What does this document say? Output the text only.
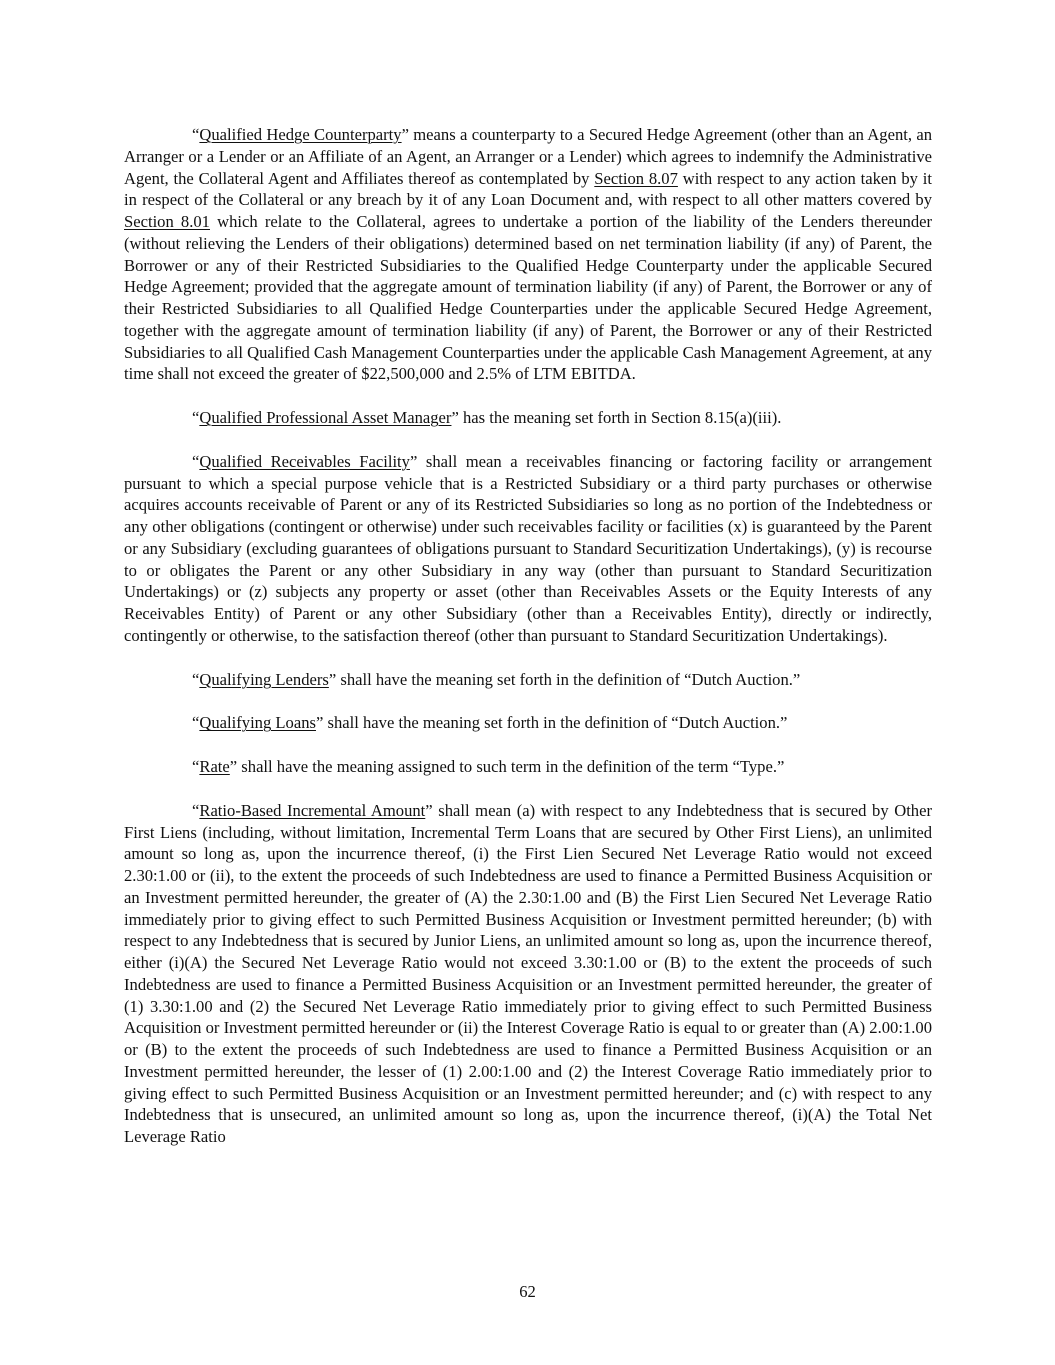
“Qualified Hedge Counterparty” means a counterparty to a Secured Hedge Agreement (other than an Agent, an Arranger or a Lender or an Affiliate of an Agent, an Arranger or a Lender) which agrees to indemnify the Administrative Agent, the Collateral Agent and Affiliates thereof as contemplated by Section 8.07 with respect to any action taken by it in respect of the Collateral or any breach by it of any Loan Document and, with respect to all other matters covered by Section 8.01 which relate to the Collateral, agrees to undertake a portion of the liability of the Lenders thereunder (without relieving the Lenders of their obligations) determined based on net termination liability (if any) of Parent, the Borrower or any of their Restricted Subsidiaries to the Qualified Hedge Counterparty under the applicable Secured Hedge Agreement; provided that the aggregate amount of termination liability (if any) of Parent, the Borrower or any of their Restricted Subsidiaries to all Qualified Hedge Counterparties under the applicable Secured Hedge Agreement, together with the aggregate amount of termination liability (if any) of Parent, the Borrower or any of their Restricted Subsidiaries to all Qualified Cash Management Counterparties under the applicable Cash Management Agreement, at any time shall not exceed the greater of $22,500,000 and 2.5% of LTM EBITDA.

“Qualified Professional Asset Manager” has the meaning set forth in Section 8.15(a)(iii).

“Qualified Receivables Facility” shall mean a receivables financing or factoring facility or arrangement pursuant to which a special purpose vehicle that is a Restricted Subsidiary or a third party purchases or otherwise acquires accounts receivable of Parent or any of its Restricted Subsidiaries so long as no portion of the Indebtedness or any other obligations (contingent or otherwise) under such receivables facility or facilities (x) is guaranteed by the Parent or any Subsidiary (excluding guarantees of obligations pursuant to Standard Securitization Undertakings), (y) is recourse to or obligates the Parent or any other Subsidiary in any way (other than pursuant to Standard Securitization Undertakings) or (z) subjects any property or asset (other than Receivables Assets or the Equity Interests of any Receivables Entity) of Parent or any other Subsidiary (other than a Receivables Entity), directly or indirectly, contingently or otherwise, to the satisfaction thereof (other than pursuant to Standard Securitization Undertakings).

“Qualifying Lenders” shall have the meaning set forth in the definition of “Dutch Auction.”

“Qualifying Loans” shall have the meaning set forth in the definition of “Dutch Auction.”

“Rate” shall have the meaning assigned to such term in the definition of the term “Type.”

“Ratio-Based Incremental Amount” shall mean (a) with respect to any Indebtedness that is secured by Other First Liens (including, without limitation, Incremental Term Loans that are secured by Other First Liens), an unlimited amount so long as, upon the incurrence thereof, (i) the First Lien Secured Net Leverage Ratio would not exceed 2.30:1.00 or (ii), to the extent the proceeds of such Indebtedness are used to finance a Permitted Business Acquisition or an Investment permitted hereunder, the greater of (A) the 2.30:1.00 and (B) the First Lien Secured Net Leverage Ratio immediately prior to giving effect to such Permitted Business Acquisition or Investment permitted hereunder; (b) with respect to any Indebtedness that is secured by Junior Liens, an unlimited amount so long as, upon the incurrence thereof, either (i)(A) the Secured Net Leverage Ratio would not exceed 3.30:1.00 or (B) to the extent the proceeds of such Indebtedness are used to finance a Permitted Business Acquisition or an Investment permitted hereunder, the greater of (1) 3.30:1.00 and (2) the Secured Net Leverage Ratio immediately prior to giving effect to such Permitted Business Acquisition or Investment permitted hereunder or (ii) the Interest Coverage Ratio is equal to or greater than (A) 2.00:1.00 or (B) to the extent the proceeds of such Indebtedness are used to finance a Permitted Business Acquisition or an Investment permitted hereunder, the lesser of (1) 2.00:1.00 and (2) the Interest Coverage Ratio immediately prior to giving effect to such Permitted Business Acquisition or an Investment permitted hereunder; and (c) with respect to any Indebtedness that is unsecured, an unlimited amount so long as, upon the incurrence thereof, (i)(A) the Total Net Leverage Ratio

62
